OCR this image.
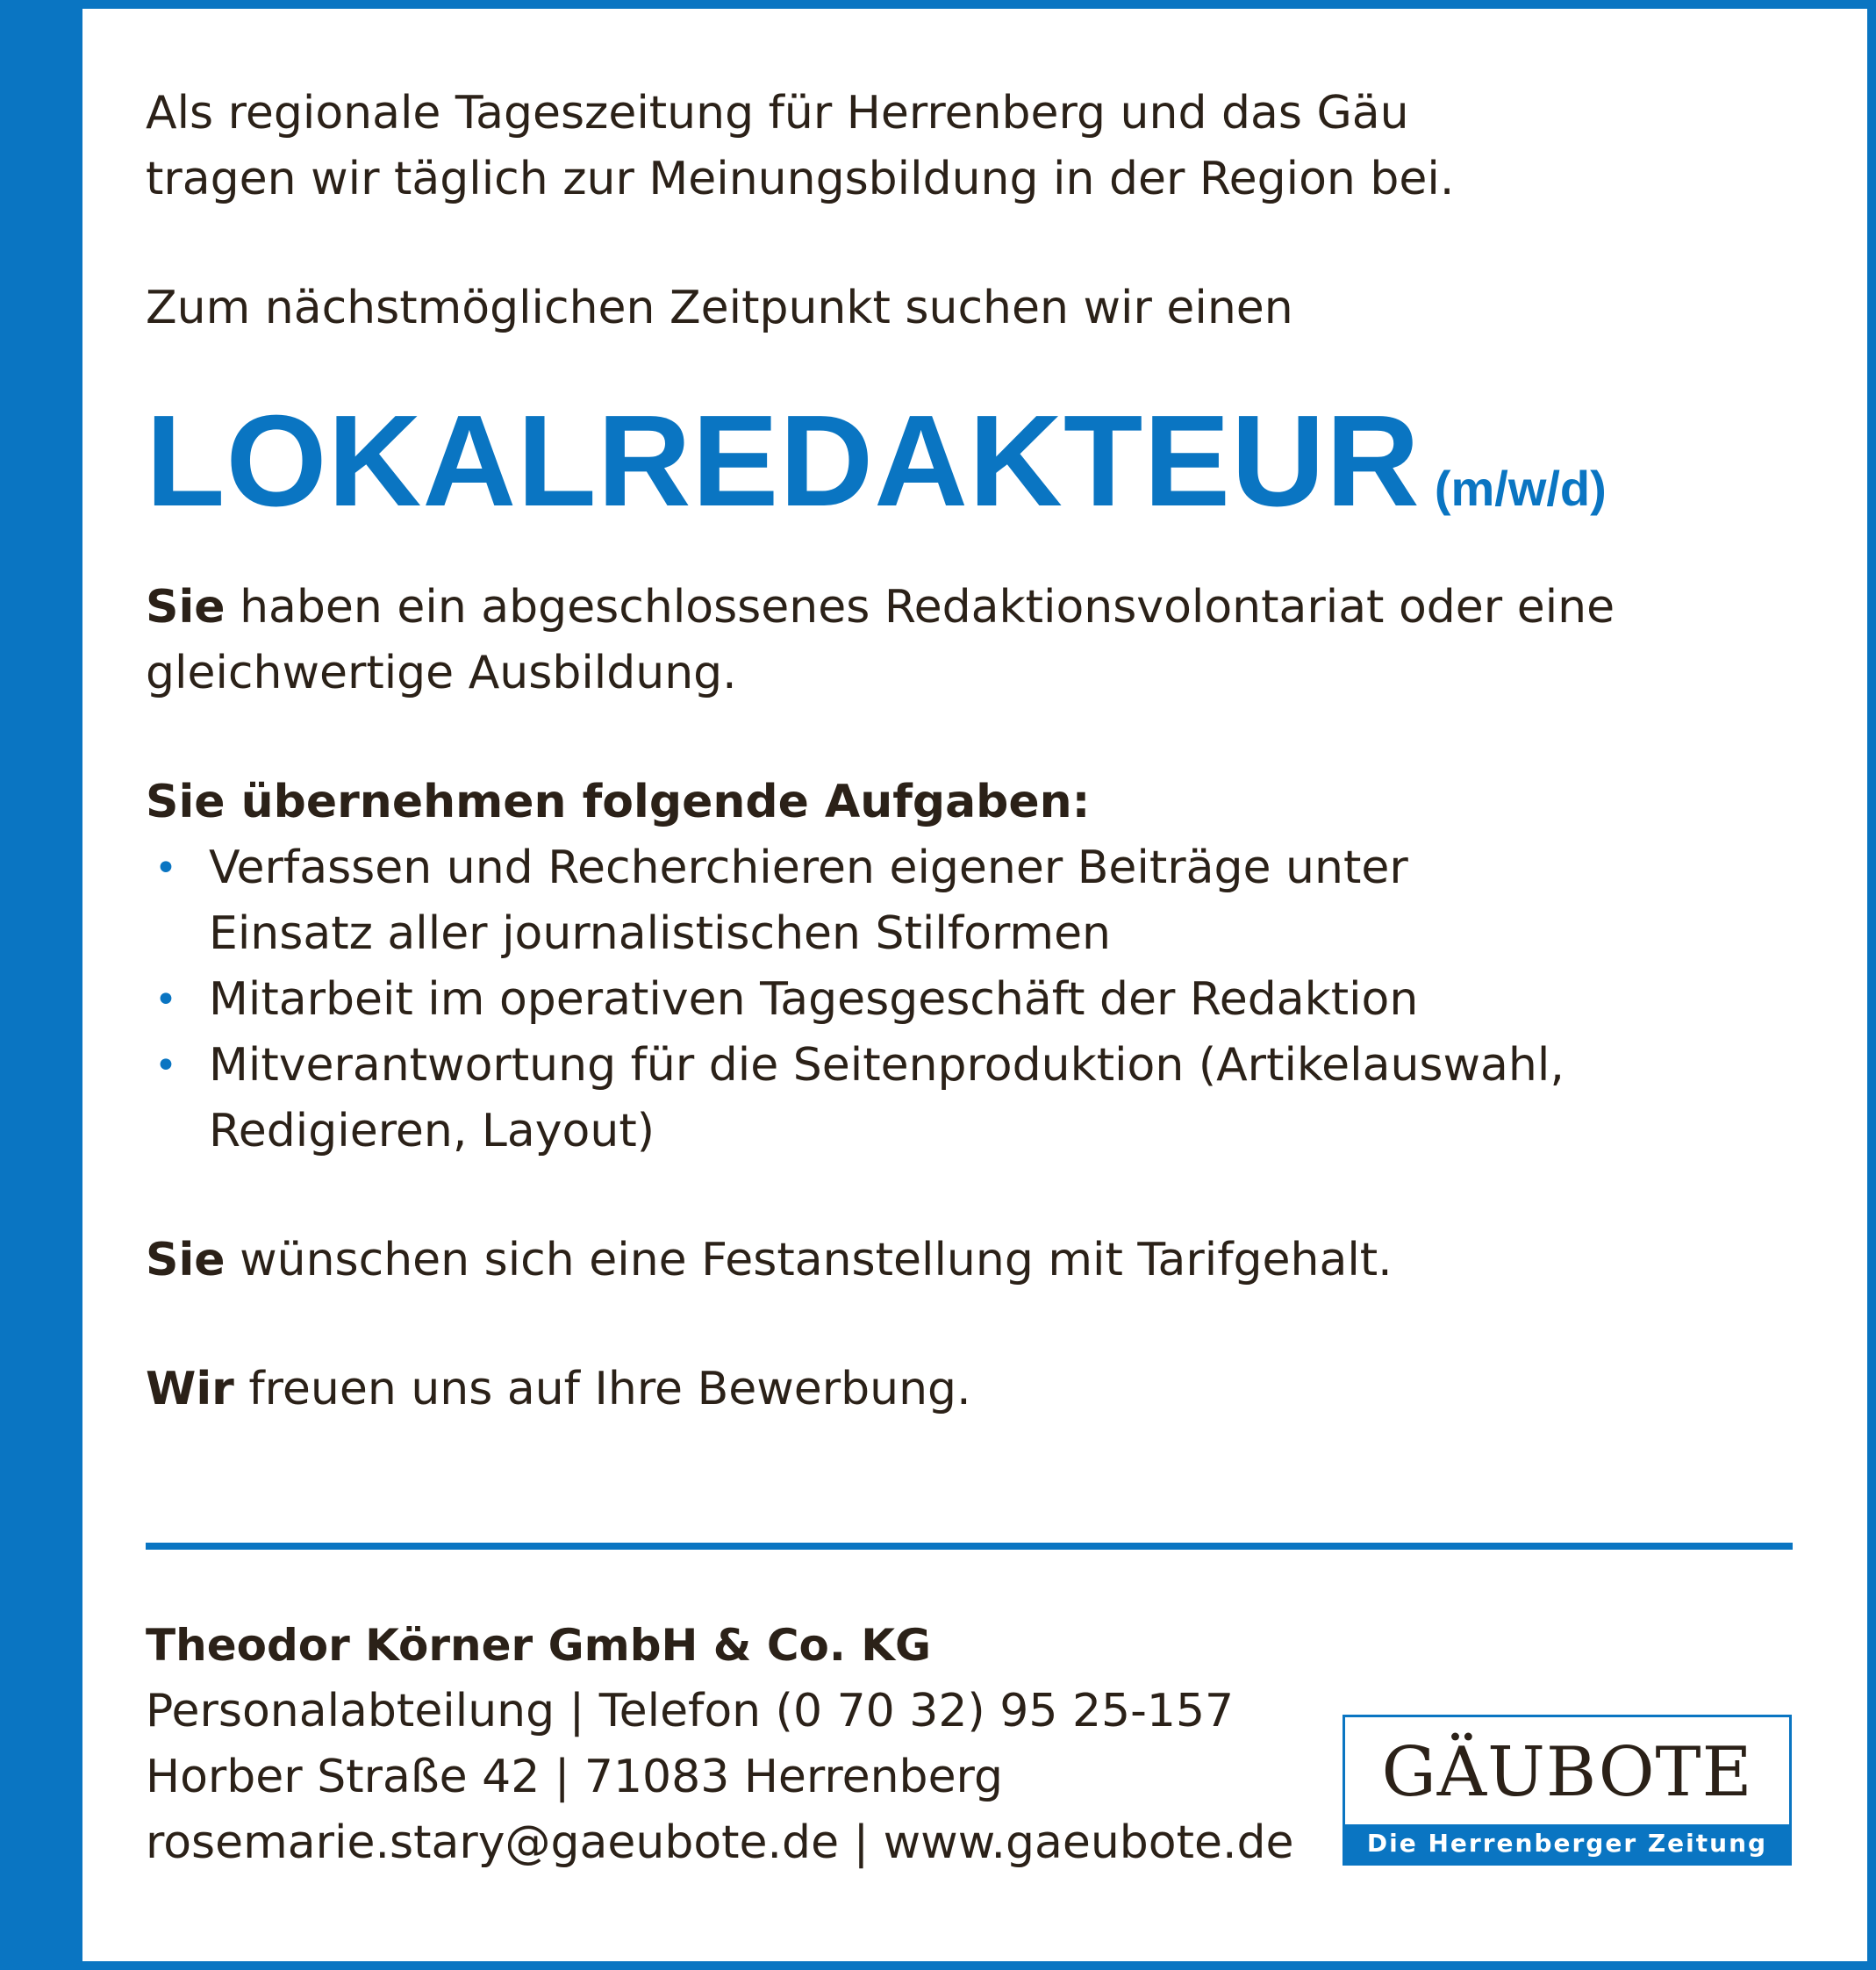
Als regionale Tageszeitung für Herrenberg und das Gäu
tragen wir täglich zur Meinungsbildung in der Region bei.

Zum nächstmöglichen Zeitpunkt suchen wir einen

LOKALREDAKTEUR (m/w/d)

Sie haben ein abgeschlossenes Redaktionsvolontariat oder eine gleichwertige Ausbildung.

Sie übernehmen folgende Aufgaben:

• Verfassen und Recherchieren eigener Beiträge unter Einsatz aller journalistischen Stilformen
• Mitarbeit im operativen Tagesgeschäft der Redaktion
• Mitverantwortung für die Seitenproduktion (Artikelauswahl, Redigieren, Layout)

Sie wünschen sich eine Festanstellung mit Tarifgehalt.

Wir freuen uns auf Ihre Bewerbung.

Theodor Körner GmbH & Co. KG

Personalabteilung | Telefon (0 70 32) 95 25-157

Horber Straße 42 | 71083 Herrenberg

rosemarie.stary@gaeubote.de | www.gaeubote.de

GÄUBOTE
Die Herrenberger Zeitung
